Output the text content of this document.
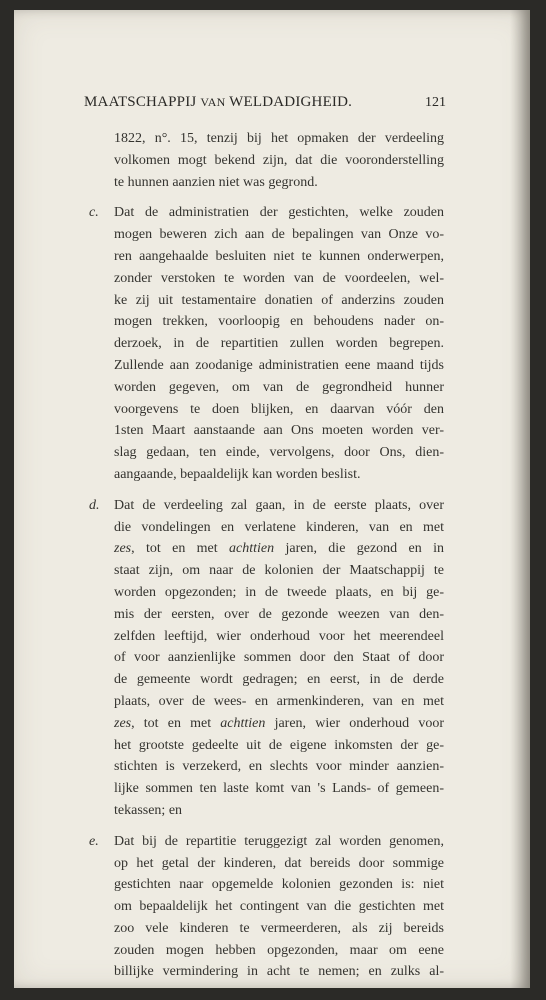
MAATSCHAPPIJ VAN WELDADIGHEID.	121
1822, n°. 15, tenzij bij het opmaken der verdeeling
volkomen mogt bekend zijn, dat die vooronderstelling
te hunnen aanzien niet was gegrond.
c. Dat de administratien der gestichten, welke zouden
mogen beweren zich aan de bepalingen van Onze vo-
ren aangehaalde besluiten niet te kunnen onderwerpen,
zonder verstoken te worden van de voordeelen, wel-
ke zij uit testamentaire donatien of anderzins zouden
mogen trekken, voorloopig en behoudens nader on-
derzoek, in de repartitien zullen worden begrepen.
Zullende aan zoodanige administratien eene maand tijds
worden gegeven, om van de gegrondheid hunner
voorgevens te doen blijken, en daarvan vóór den
1sten Maart aanstaande aan Ons moeten worden ver-
slag gedaan, ten einde, vervolgens, door Ons, dien-
aangaande, bepaaldelijk kan worden beslist.
d. Dat de verdeeling zal gaan, in de eerste plaats, over
die vondelingen en verlatene kinderen, van en met
zes, tot en met achttien jaren, die gezond en in
staat zijn, om naar de kolonien der Maatschappij te
worden opgezonden; in de tweede plaats, en bij ge-
mis der eersten, over de gezonde weezen van den-
zelfden leeftijd, wier onderhoud voor het meerendeel
of voor aanzienlijke sommen door den Staat of door
de gemeente wordt gedragen; en eerst, in de derde
plaats, over de wees- en armenkinderen, van en met
zes, tot en met achttien jaren, wier onderhoud voor
het grootste gedeelte uit de eigene inkomsten der ge-
stichten is verzekerd, en slechts voor minder aanzien-
lijke sommen ten laste komt van 's Lands- of gemeen-
tekassen; en
e. Dat bij de repartitie teruggezigt zal worden genomen,
op het getal der kinderen, dat bereids door sommige
gestichten naar opgemelde kolonien gezonden is: niet
om bepaaldelijk het contingent van die gestichten met
zoo vele kinderen te vermeerderen, als zij bereids
zouden mogen hebben opgezonden, maar om eene
billijke vermindering in acht te nemen; en zulks al-
